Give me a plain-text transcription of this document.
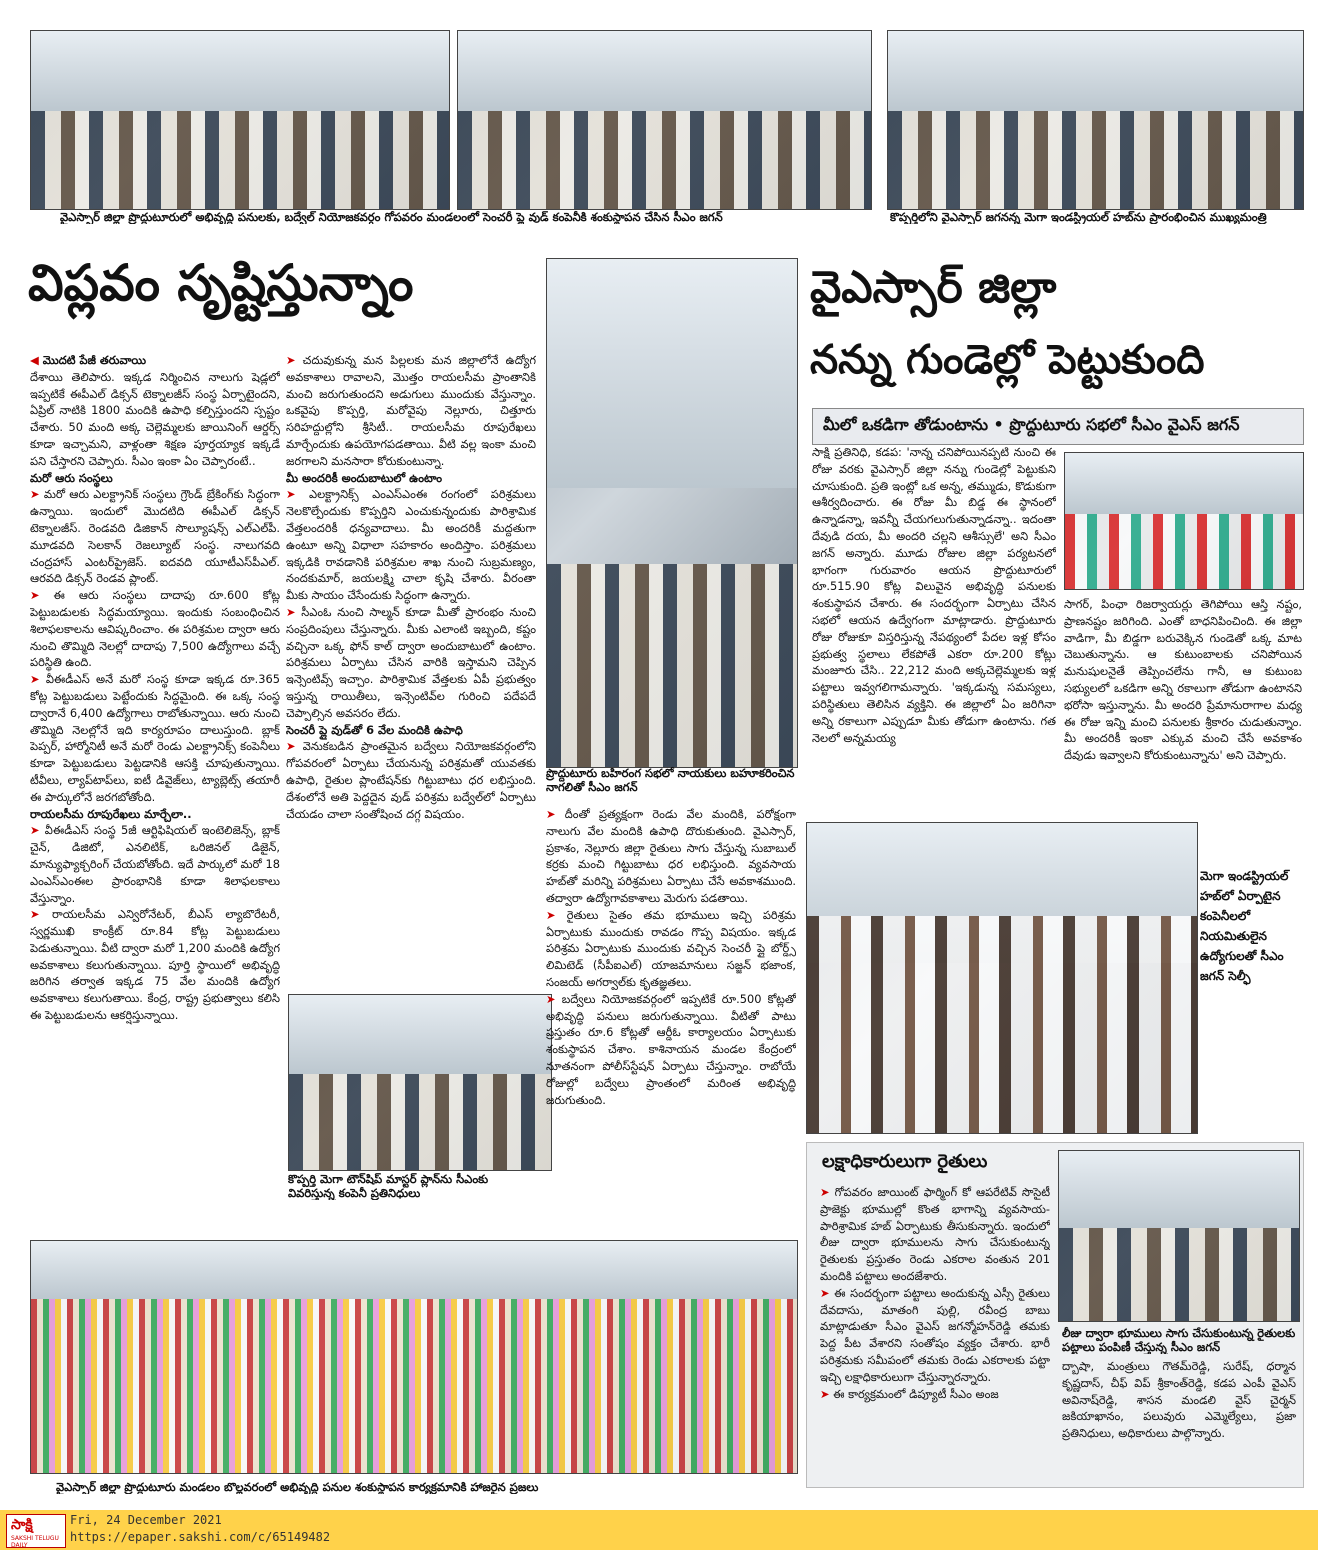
వైఎస్సార్ జిల్లా ప్రొద్దుటూరులో అభివృద్ధి పనులకు, బద్వేల్ నియోజకవర్గం గోపవరం మండలంలో సెంచరీ ప్లై వుడ్ కంపెనీకి శంకుస్థాపన చేసిన సీఎం జగన్	కొప్పర్తిలోని వైఎస్సార్ జగనన్న మెగా ఇండస్ట్రియల్ హబ్‌ను ప్రారంభించిన ముఖ్యమంత్రి
విప్లవం సృష్టిస్తున్నాం
ప్రొద్దుటూరు బహిరంగ సభలో నాయకులు బహూకరించిన నాగలితో సీఎం జగన్
వైఎస్సార్ జిల్లా
నన్ను గుండెల్లో పెట్టుకుంది
మీలో ఒకడిగా తోడుంటాను • ప్రొద్దుటూరు సభలో సీఎం వైఎస్ జగన్

◀ మొదటి పేజీ తరువాయి

దేశాయి తెలిపారు. ఇక్కడ నిర్మించిన నాలుగు షెడ్లలో ఇప్పటికే ఈపీఎల్ డిక్సన్ టెక్నాలజీస్ సంస్థ ఏర్పాటైందని, ఏప్రిల్ నాటికి 1800 మందికి ఉపాధి కల్పిస్తుందని స్పష్టం చేశారు. 50 మంది అక్క చెల్లెమ్మలకు జాయినింగ్ ఆర్డర్స్ కూడా ఇచ్చామని, వాళ్లంతా శిక్షణ పూర్తయ్యాక ఇక్కడే పని చేస్తారని చెప్పారు. సీఎం ఇంకా ఏం చెప్పారంటే..

మరో ఆరు సంస్థలు

➤ మరో ఆరు ఎలక్ట్రానిక్ సంస్థలు గ్రౌండ్ బ్రేకింగ్‌కు సిద్ధంగా ఉన్నాయి. ఇందులో మొదటిది ఈపీఎల్ డిక్సన్ టెక్నాలజీస్. రెండవది డిజికాన్ సొల్యూషన్స్ ఎల్ఎల్‌పీ. మూడవది సెలకాన్ రెజల్యూట్ సంస్థ. నాలుగవది చంద్రహాస్ ఎంటర్‌ప్రైజెస్. ఐదవది యూటీఎస్‌పీఎల్. ఆరవది డిక్సన్ రెండవ ప్లాంట్.

➤ ఈ ఆరు సంస్థలు దాదాపు రూ.600 కోట్ల పెట్టుబడులకు సిద్ధమయ్యాయి. ఇందుకు సంబంధించిన శిలాఫలకాలను ఆవిష్కరించాం. ఈ పరిశ్రమల ద్వారా ఆరు నుంచి తొమ్మిది నెలల్లో దాదాపు 7,500 ఉద్యోగాలు వచ్చే పరిస్థితి ఉంది.

➤ వీఈడీఎస్ అనే మరో సంస్థ కూడా ఇక్కడ రూ.365 కోట్ల పెట్టుబడులు పెట్టేందుకు సిద్ధమైంది. ఈ ఒక్క సంస్థ ద్వారానే 6,400 ఉద్యోగాలు రాబోతున్నాయి. ఆరు నుంచి తొమ్మిది నెలల్లోనే ఇది కార్యరూపం దాలుస్తుంది. బ్లాక్ పెప్పర్, హార్మోనిటీ అనే మరో రెండు ఎలక్ట్రానిక్స్ కంపెనీలు కూడా పెట్టుబడులు పెట్టడానికి ఆసక్తి చూపుతున్నాయి. టీవీలు, ల్యాప్‌టాప్‌లు, ఐటీ డివైజ్‌లు, ట్యాబ్లెట్స్ తయారీ ఈ పార్కులోనే జరగబోతోంది.

రాయలసీమ రూపురేఖలు మార్చేలా..

➤ వీఈడీఎస్ సంస్థ 5జీ ఆర్టిఫిషియల్ ఇంటెలిజెన్స్, బ్లాక్ చైన్, డిజిటో, ఎనలిటిక్, ఒరిజినల్ డిజైన్, మాన్యుఫ్యాక్చరింగ్ చేయబోతోంది. ఇదే పార్కులో మరో 18 ఎంఎస్‌ఎంఈల ప్రారంభానికి కూడా శిలాఫలకాలు వేస్తున్నాం.

➤ రాయలసీమ ఎన్విరోనేటర్, బీఎస్ ల్యాబొరేటరీ, స్వర్ణముఖి కాంక్రీట్ రూ.84 కోట్ల పెట్టుబడులు పెడుతున్నాయి. వీటి ద్వారా మరో 1,200 మందికి ఉద్యోగ అవకాశాలు కలుగుతున్నాయి. పూర్తి స్థాయిలో అభివృద్ధి జరిగిన తర్వాత ఇక్కడ 75 వేల మందికి ఉద్యోగ అవకాశాలు కలుగుతాయి. కేంద్ర, రాష్ట్ర ప్రభుత్వాలు కలిసి ఈ పెట్టుబడులను ఆకర్షిస్తున్నాయి.

➤ చదువుకున్న మన పిల్లలకు మన జిల్లాలోనే ఉద్యోగ అవకాశాలు రావాలని, మొత్తం రాయలసీమ ప్రాంతానికి మంచి జరుగుతుందని అడుగులు ముందుకు వేస్తున్నాం. ఒకవైపు కొప్పర్తి, మరోవైపు నెల్లూరు, చిత్తూరు సరిహద్దుల్లోని శ్రీసిటీ.. రాయలసీమ రూపురేఖలు మార్చేందుకు ఉపయోగపడతాయి. వీటి వల్ల ఇంకా మంచి జరగాలని మనసారా కోరుకుంటున్నా.

మీ అందరికీ అందుబాటులో ఉంటాం

➤ ఎలక్ట్రానిక్స్ ఎంఎస్‌ఎంఈ రంగంలో పరిశ్రమలు నెలకొల్పేందుకు కొప్పర్తిని ఎంచుకున్నందుకు పారిశ్రామిక వేత్తలందరికీ ధన్యవాదాలు. మీ అందరికీ మద్దతుగా ఉంటూ అన్ని విధాలా సహకారం అందిస్తాం. పరిశ్రమలు ఇక్కడికి రావడానికి పరిశ్రమల శాఖ నుంచి సుబ్రమణ్యం, నందకుమార్, జయలక్ష్మి చాలా కృషి చేశారు. వీరంతా మీకు సాయం చేసేందుకు సిద్ధంగా ఉన్నారు.

➤ సీఎంఓ నుంచి సాల్మన్ కూడా మీతో ప్రారంభం నుంచి సంప్రదింపులు చేస్తున్నారు. మీకు ఎలాంటి ఇబ్బంది, కష్టం వచ్చినా ఒక్క ఫోన్ కాల్ ద్వారా అందుబాటులో ఉంటాం. పరిశ్రమలు ఏర్పాటు చేసిన వారికి ఇస్తామని చెప్పిన ఇన్సెంటివ్స్ ఇచ్చాం. పారిశ్రామిక వేత్తలకు ఏపీ ప్రభుత్వం ఇస్తున్న రాయితీలు, ఇన్సెంటివ్‌ల గురించి పదేపదే చెప్పాల్సిన అవసరం లేదు.

సెంచరీ ప్లై వుడ్‌తో 6 వేల మందికి ఉపాధి

➤ వెనుకబడిన ప్రాంతమైన బద్వేలు నియోజకవర్గంలోని గోపవరంలో ఏర్పాటు చేయనున్న పరిశ్రమతో యువతకు ఉపాధి, రైతుల ప్లాంటేషన్‌కు గిట్టుబాటు ధర లభిస్తుంది. దేశంలోనే అతి పెద్దదైన వుడ్ పరిశ్రమ బద్వేల్‌లో ఏర్పాటు చేయడం చాలా సంతోషించ దగ్గ విషయం.

కొప్పర్తి మెగా టౌన్‌షిప్ మాస్టర్ ప్లాన్‌ను సీఎంకు వివరిస్తున్న కంపెనీ ప్రతినిధులు

➤ దీంతో ప్రత్యక్షంగా రెండు వేల మందికి, పరోక్షంగా నాలుగు వేల మందికి ఉపాధి దొరుకుతుంది. వైఎస్సార్, ప్రకాశం, నెల్లూరు జిల్లా రైతులు సాగు చేస్తున్న సుబాబుల్ కర్రకు మంచి గిట్టుబాటు ధర లభిస్తుంది. వ్యవసాయ హబ్‌తో మరిన్ని పరిశ్రమలు ఏర్పాటు చేసే అవకాశముంది. తద్వారా ఉద్యోగావకాశాలు మెరుగు పడతాయి.

➤ రైతులు సైతం తమ భూములు ఇచ్చి పరిశ్రమ ఏర్పాటుకు ముందుకు రావడం గొప్ప విషయం. ఇక్కడ పరిశ్రమ ఏర్పాటుకు ముందుకు వచ్చిన సెంచరీ ప్లై బోర్డ్స్ లిమిటెడ్ (సీపీఐఎల్) యాజమానులు సజ్జన్ భజాంక, సంజయ్ అగర్వాల్‌కు కృతజ్ఞతలు.

➤ బద్వేలు నియోజకవర్గంలో ఇప్పటికే రూ.500 కోట్లతో అభివృద్ధి పనులు జరుగుతున్నాయి. వీటితో పాటు ప్రస్తుతం రూ.6 కోట్లతో ఆర్డీఓ కార్యాలయం ఏర్పాటుకు శంకుస్థాపన చేశాం. కాశినాయన మండల కేంద్రంలో నూతనంగా పోలీస్‌స్టేషన్ ఏర్పాటు చేస్తున్నాం. రాబోయే రోజుల్లో బద్వేలు ప్రాంతంలో మరింత అభివృద్ధి జరుగుతుంది.

సాక్షి ప్రతినిధి, కడప: 'నాన్న చనిపోయినప్పటి నుంచి ఈ రోజు వరకు వైఎస్సార్ జిల్లా నన్ను గుండెల్లో పెట్టుకుని చూసుకుంది. ప్రతి ఇంట్లో ఒక అన్న, తమ్ముడు, కొడుకుగా ఆశీర్వదించారు. ఈ రోజు మీ బిడ్డ ఈ స్థానంలో ఉన్నాడన్నా, ఇవన్నీ చేయగలుగుతున్నాడన్నా.. ఇదంతా దేవుడి దయ, మీ అందరి చల్లని ఆశీస్సులే' అని సీఎం జగన్ అన్నారు. మూడు రోజుల జిల్లా పర్యటనలో భాగంగా గురువారం ఆయన ప్రొద్దుటూరులో రూ.515.90 కోట్ల విలువైన అభివృద్ధి పనులకు శంకుస్థాపన చేశారు. ఈ సందర్భంగా ఏర్పాటు చేసిన సభలో ఆయన ఉద్వేగంగా మాట్లాడారు. ప్రొద్దుటూరు రోజు రోజుకూ విస్తరిస్తున్న నేపథ్యంలో పేదల ఇళ్ల కోసం ప్రభుత్వ స్థలాలు లేకపోతే ఎకరా రూ.200 కోట్లు మంజూరు చేసి.. 22,212 మంది అక్కచెల్లెమ్మలకు ఇళ్ల పట్టాలు ఇవ్వగలిగామన్నారు. 'ఇక్కడున్న సమస్యలు, పరిస్థితులు తెలిసిన వ్యక్తిని. ఈ జిల్లాలో ఏం జరిగినా అన్ని రకాలుగా ఎప్పుడూ మీకు తోడుగా ఉంటాను. గత నెలలో అన్నమయ్య

సాగర్, పింఛా రిజర్వాయర్లు తెగిపోయి ఆస్తి నష్టం, ప్రాణనష్టం జరిగింది. ఎంతో బాధనిపించింది. ఈ జిల్లా వాడిగా, మీ బిడ్డగా బరువెక్కిన గుండెతో ఒక్క మాట చెబుతున్నాను. ఆ కుటుంబాలకు చనిపోయిన మనుషులనైతే తెప్పించలేను గానీ, ఆ కుటుంబ సభ్యులలో ఒకడిగా అన్ని రకాలుగా తోడుగా ఉంటానని భరోసా ఇస్తున్నాను. మీ అందరి ప్రేమానురాగాల మధ్య ఈ రోజు ఇన్ని మంచి పనులకు శ్రీకారం చుడుతున్నాం. మీ అందరికీ ఇంకా ఎక్కువ మంచి చేసే అవకాశం దేవుడు ఇవ్వాలని కోరుకుంటున్నాను' అని చెప్పారు.

మెగా ఇండస్ట్రియల్ హబ్‌లో ఏర్పాటైన కంపెనీలలో నియమితులైన ఉద్యోగులతో సీఎం జగన్ సెల్ఫీ
లక్షాధికారులుగా రైతులు

➤ గోపవరం జాయింట్ ఫార్మింగ్ కో ఆపరేటివ్ సొసైటీ ప్రాజెక్టు భూముల్లో కొంత భాగాన్ని వ్యవసాయ-పారిశ్రామిక హబ్ ఏర్పాటుకు తీసుకున్నారు. ఇందులో లీజు ద్వారా భూములను సాగు చేసుకుంటున్న రైతులకు ప్రస్తుతం రెండు ఎకరాల వంతున 201 మందికి పట్టాలు అందజేశారు.

➤ ఈ సందర్భంగా పట్టాలు అందుకున్న ఎస్సీ రైతులు దేవదాసు, మాతంగి పుల్లి, రవీంద్ర బాబు మాట్లాడుతూ సీఎం వైఎస్ జగన్మోహన్‌రెడ్డి తమకు పెద్ద పీట వేశారని సంతోషం వ్యక్తం చేశారు. భారీ పరిశ్రమకు సమీపంలో తమకు రెండు ఎకరాలకు పట్టా ఇచ్చి లక్షాధికారులుగా చేస్తున్నారన్నారు.

➤ ఈ కార్యక్రమంలో డిప్యూటీ సీఎం అంజ

లీజు ద్వారా భూములు సాగు చేసుకుంటున్న రైతులకు పట్టాలు పంపిణీ చేస్తున్న సీఎం జగన్

ద్బాషా, మంత్రులు గౌతమ్‌రెడ్డి, సురేష్, ధర్మాన కృష్ణదాస్, చీఫ్ విప్ శ్రీకాంత్‌రెడ్డి, కడప ఎంపీ వైఎస్ అవినాష్‌రెడ్డి, శాసన మండలి వైస్ చైర్మన్ జకియాఖానం, పలువురు ఎమ్మెల్యేలు, ప్రజా ప్రతినిధులు, అధికారులు పాల్గొన్నారు.

వైఎస్సార్ జిల్లా ప్రొద్దుటూరు మండలం బొల్లవరంలో అభివృద్ధి పనుల శంకుస్థాపన కార్యక్రమానికి హాజరైన ప్రజలు
సాక్షి
SAKSHI TELUGU DAILY
Fri, 24 December 2021
https://epaper.sakshi.com/c/65149482
